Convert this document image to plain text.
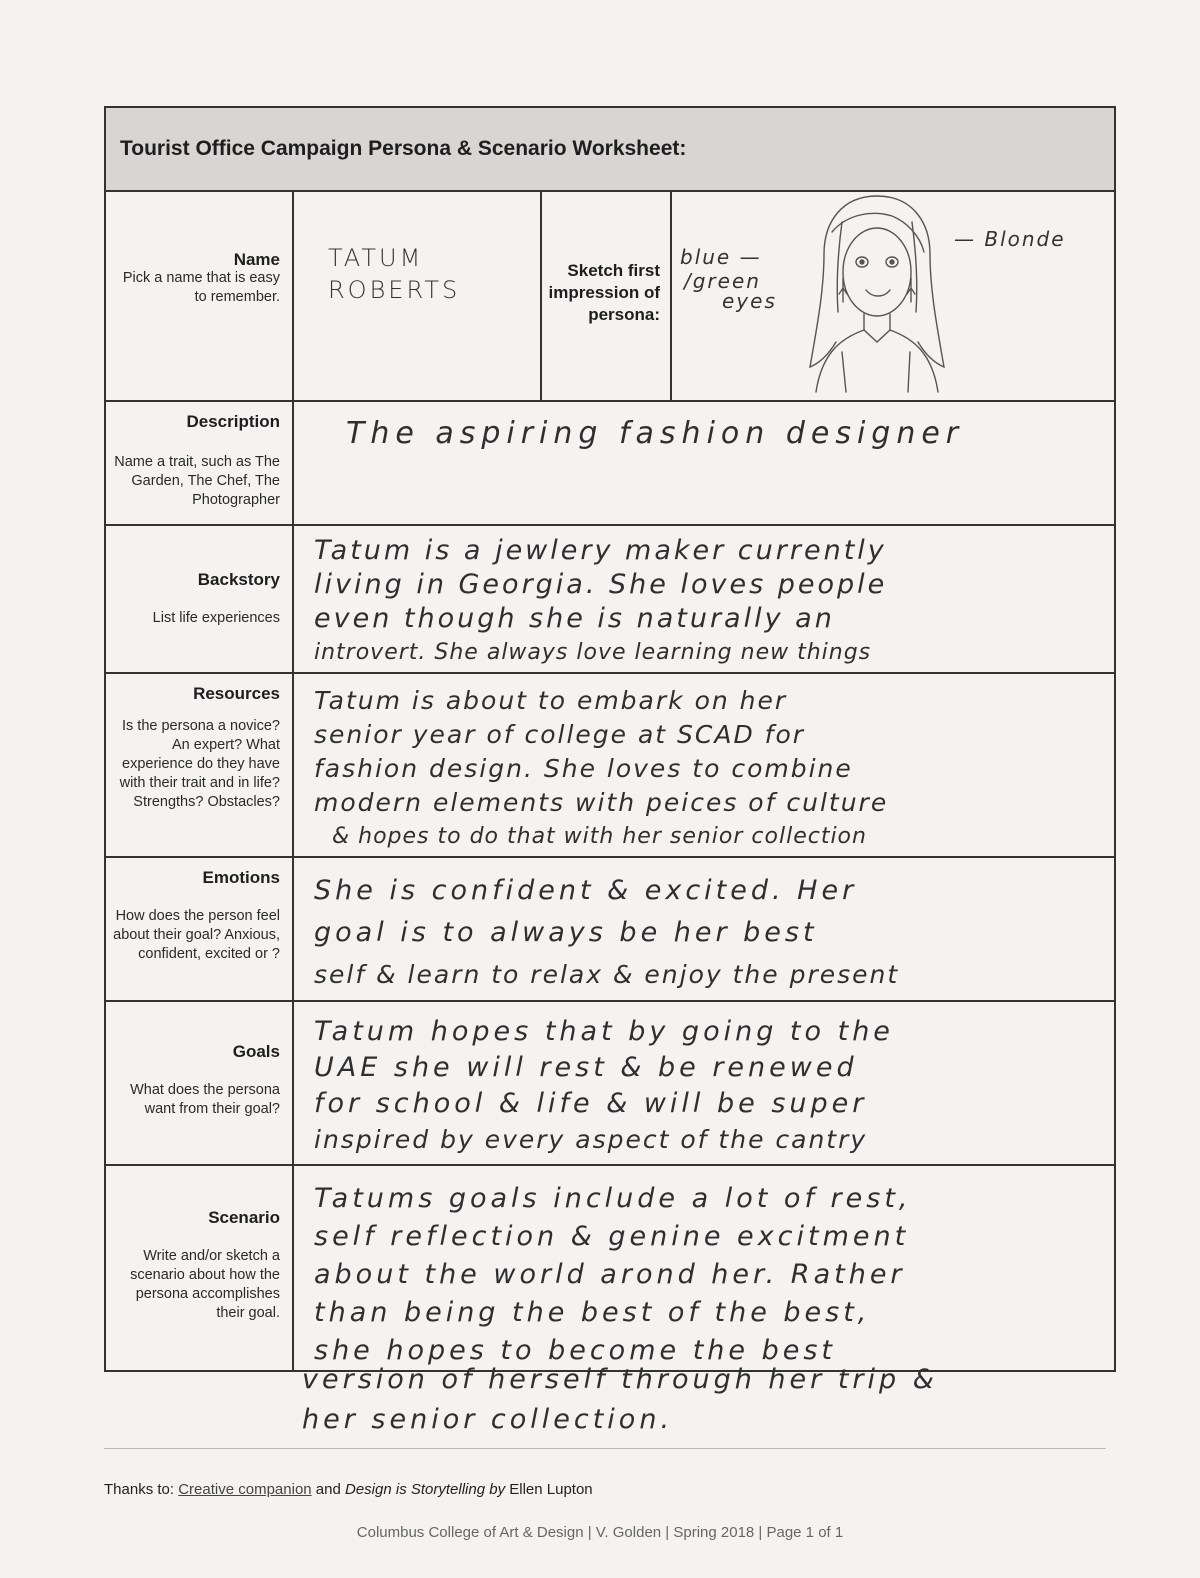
Tourist Office Campaign Persona & Scenario Worksheet:
Name
Pick a name that is easy to remember.
TATUM
ROBERTS
Sketch first impression of persona:
blue —
/green
eyes
— Blonde
Description
Name a trait, such as The Garden, The Chef, The Photographer
The aspiring fashion designer
Backstory
List life experiences
Tatum is a jewlery maker currently
living in Georgia. She loves people
even though she is naturally an
introvert. She always love learning new things
Resources
Is the persona a novice? An expert? What experience do they have with their trait and in life? Strengths? Obstacles?
Tatum is about to embark on her
senior year of college at SCAD for
fashion design. She loves to combine
modern elements with peices of culture
& hopes to do that with her senior collection
Emotions
How does the person feel about their goal? Anxious, confident, excited or ?
She is confident & excited. Her
goal is to always be her best
self & learn to relax & enjoy the present
Goals
What does the persona want from their goal?
Tatum hopes that by going to the
UAE she will rest & be renewed
for school & life & will be super
inspired by every aspect of the cantry
Scenario
Write and/or sketch a scenario about how the persona accomplishes their goal.
Tatums goals include a lot of rest,
self reflection & genine excitment
about the world arond her. Rather
than being the best of the best,
she hopes to become the best
version of herself through her trip &
her senior collection.
Thanks to: Creative companion and Design is Storytelling by Ellen Lupton
Columbus College of Art & Design | V. Golden | Spring 2018 | Page 1 of 1
